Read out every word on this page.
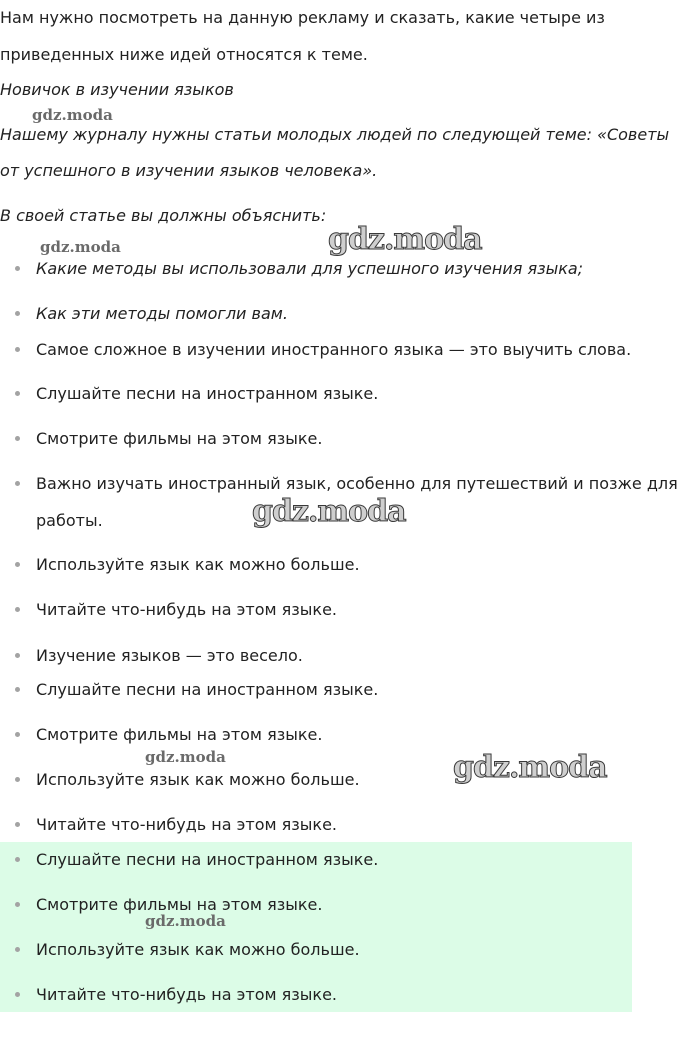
Нам нужно посмотреть на данную рекламу и сказать, какие четыре из
приведенных ниже идей относятся к теме.
Новичок в изучении языков
Нашему журналу нужны статьи молодых людей по следующей теме: «Советы
от успешного в изучении языков человека».
В своей статье вы должны объяснить:
Какие методы вы использовали для успешного изучения языка;
Как эти методы помогли вам.
Самое сложное в изучении иностранного языка — это выучить слова.
Слушайте песни на иностранном языке.
Смотрите фильмы на этом языке.
Важно изучать иностранный язык, особенно для путешествий и позже для
работы.
Используйте язык как можно больше.
Читайте что-нибудь на этом языке.
Изучение языков — это весело.
Слушайте песни на иностранном языке.
Смотрите фильмы на этом языке.
Используйте язык как можно больше.
Читайте что-нибудь на этом языке.
Слушайте песни на иностранном языке.
Смотрите фильмы на этом языке.
Используйте язык как можно больше.
Читайте что-нибудь на этом языке.
gdz.moda
gdz.moda	gdz.moda
gdz.moda
gdz.moda	gdz.moda
gdz.moda
